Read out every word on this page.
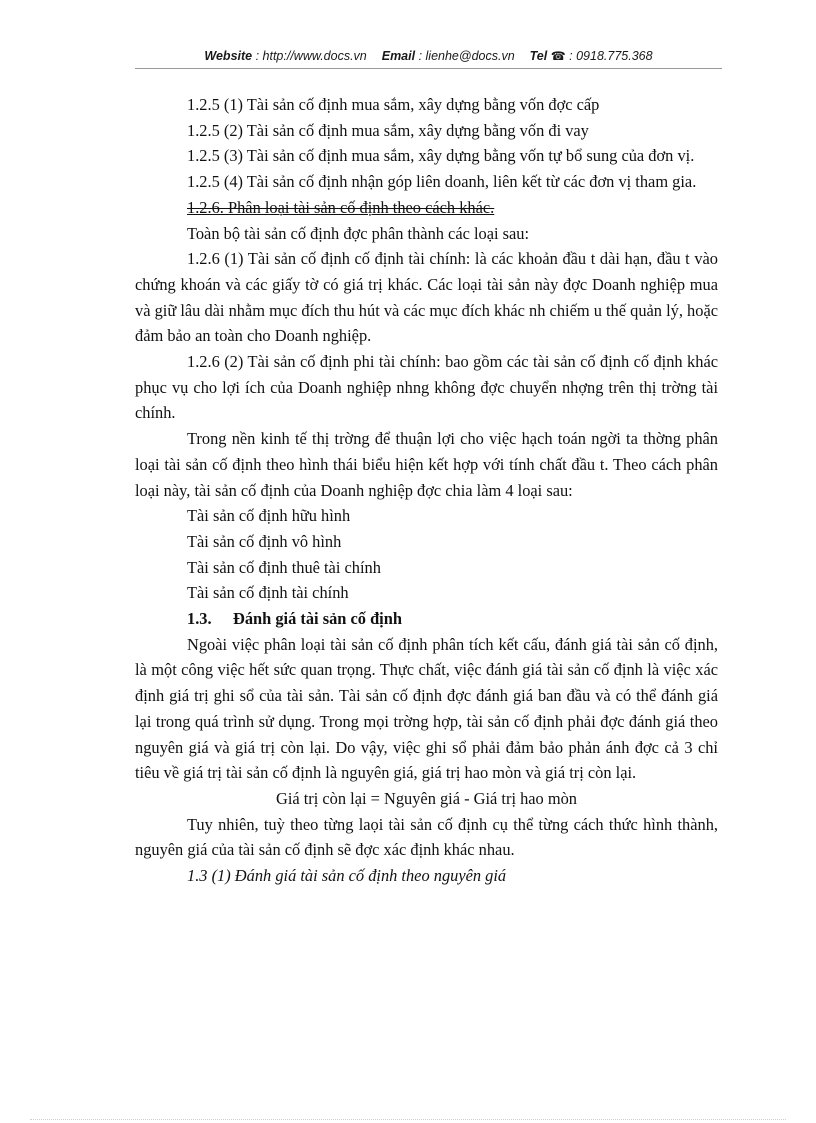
Website : http://www.docs.vn Email : lienhe@docs.vn Tel ☎ : 0918.775.368

1.2.5 (1) Tài sản cố định mua sắm, xây dựng bằng vốn đợc cấp

1.2.5 (2) Tài sản cố định mua sắm, xây dựng bằng vốn đi vay

1.2.5 (3) Tài sản cố định mua sắm, xây dựng bằng vốn tự bổ sung của đơn vị.

1.2.5 (4) Tài sản cố định nhận góp liên doanh, liên kết từ các đơn vị tham gia.

1.2.6. Phân loại tài sản cố định theo cách khác.

Toàn bộ tài sản cố định đợc phân thành các loại sau:

1.2.6 (1) Tài sản cố định cố định tài chính: là các khoản đầu t dài hạn, đầu t vào chứng khoán và các giấy tờ có giá trị khác. Các loại tài sản này đợc Doanh nghiệp mua và giữ lâu dài nhằm mục đích thu hút và các mục đích khác nh chiếm u thế quản lý, hoặc đảm bảo an toàn cho Doanh nghiệp.

1.2.6 (2) Tài sản cố định phi tài chính: bao gồm các tài sản cố định cố định khác phục vụ cho lợi ích của Doanh nghiệp nhng không đợc chuyển nhợng trên thị trờng tài chính.

Trong nền kinh tế thị trờng để thuận lợi cho việc hạch toán ngời ta thờng phân loại tài sản cố định theo hình thái biểu hiện kết hợp với tính chất đầu t. Theo cách phân loại này, tài sản cố định của Doanh nghiệp đợc chia làm 4 loại sau:

Tài sản cố định hữu hình

Tài sản cố định vô hình

Tài sản cố định thuê tài chính

Tài sản cố định tài chính

1.3. Đánh giá tài sản cố định

Ngoài việc phân loại tài sản cố định phân tích kết cấu, đánh giá tài sản cố định, là một công việc hết sức quan trọng. Thực chất, việc đánh giá tài sản cố định là việc xác định giá trị ghi sổ của tài sản. Tài sản cố định đợc đánh giá ban đầu và có thể đánh giá lại trong quá trình sử dụng. Trong mọi trờng hợp, tài sản cố định phải đợc đánh giá theo nguyên giá và giá trị còn lại. Do vậy, việc ghi sổ phải đảm bảo phản ánh đợc cả 3 chỉ tiêu về giá trị tài sản cố định là nguyên giá, giá trị hao mòn và giá trị còn lại.

Giá trị còn lại = Nguyên giá - Giá trị hao mòn

Tuy nhiên, tuỳ theo từng laọi tài sản cố định cụ thể từng cách thức hình thành, nguyên giá của tài sản cố định sẽ đợc xác định khác nhau.

1.3 (1) Đánh giá tài sản cố định theo nguyên giá
